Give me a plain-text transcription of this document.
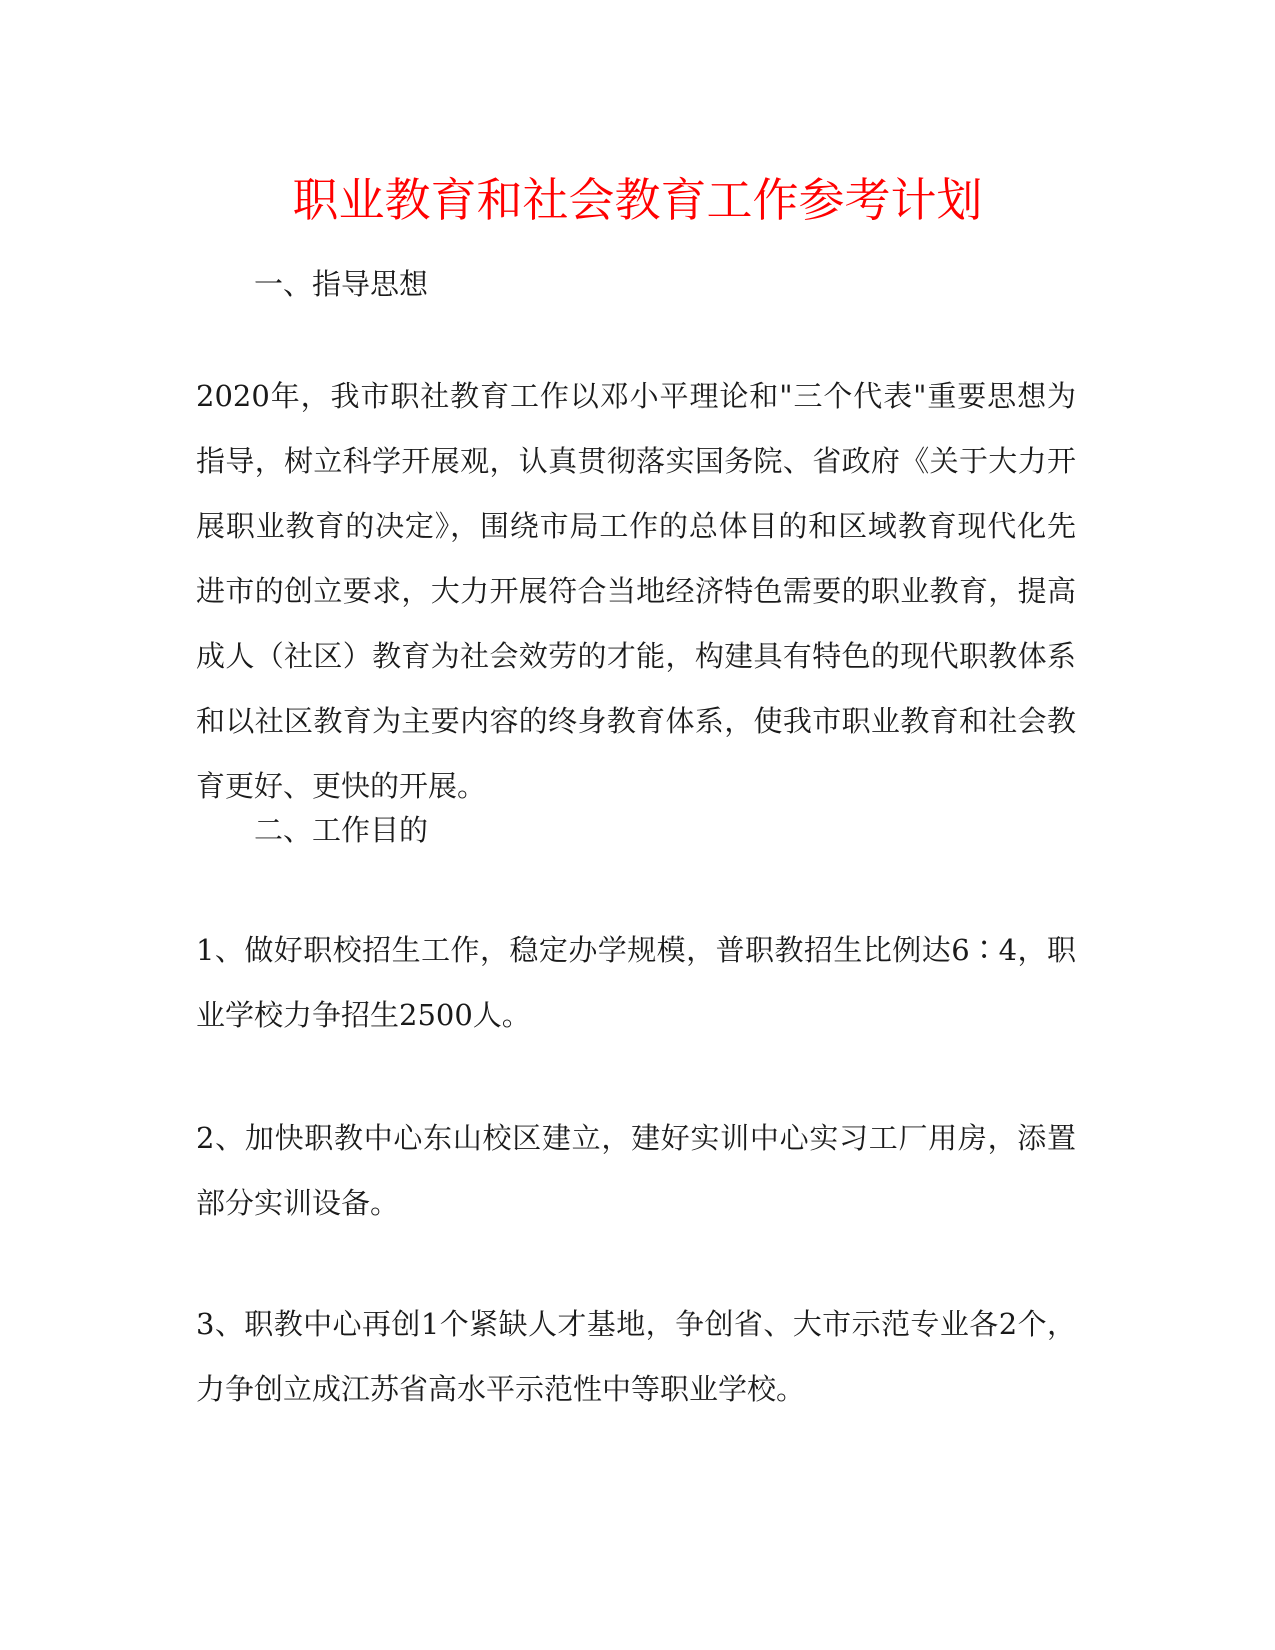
职业教育和社会教育工作参考计划

一、指导思想

2020年，我市职社教育工作以邓小平理论和"三个代表"重要思想为指导，树立科学开展观，认真贯彻落实国务院、省政府《关于大力开展职业教育的决定》，围绕市局工作的总体目的和区域教育现代化先进市的创立要求，大力开展符合当地经济特色需要的职业教育，提高成人（社区）教育为社会效劳的才能，构建具有特色的现代职教体系和以社区教育为主要内容的终身教育体系，使我市职业教育和社会教育更好、更快的开展。

二、工作目的

1、做好职校招生工作，稳定办学规模，普职教招生比例达6∶4，职业学校力争招生2500人。

2、加快职教中心东山校区建立，建好实训中心实习工厂用房，添置部分实训设备。

3、职教中心再创1个紧缺人才基地，争创省、大市示范专业各2个，力争创立成江苏省高水平示范性中等职业学校。
